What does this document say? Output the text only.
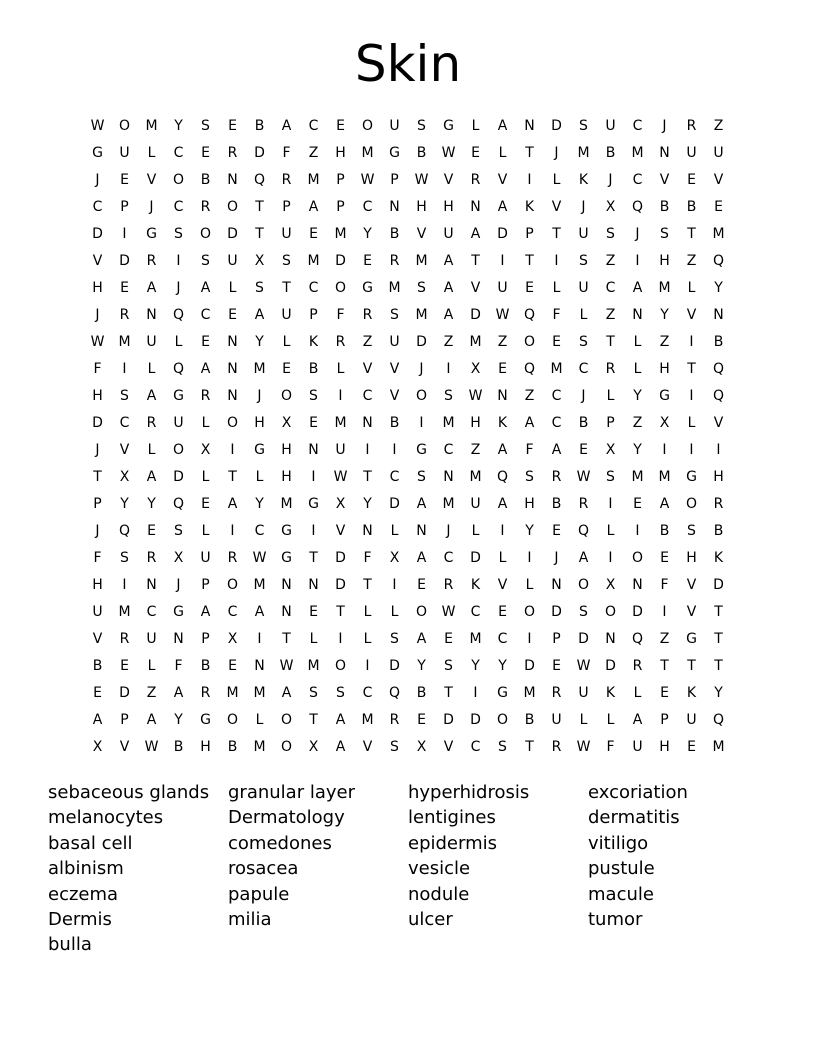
Skin
W	O	M	Y	S	E	B	A	C	E	O	U	S	G	L	A	N	D	S	U	C	J	R	Z
G	U	L	C	E	R	D	F	Z	H	M	G	B	W	E	L	T	J	M	B	M	N	U	U
J	E	V	O	B	N	Q	R	M	P	W	P	W	V	R	V	I	L	K	J	C	V	E	V
C	P	J	C	R	O	T	P	A	P	C	N	H	H	N	A	K	V	J	X	Q	B	B	E
D	I	G	S	O	D	T	U	E	M	Y	B	V	U	A	D	P	T	U	S	J	S	T	M
V	D	R	I	S	U	X	S	M	D	E	R	M	A	T	I	T	I	S	Z	I	H	Z	Q
H	E	A	J	A	L	S	T	C	O	G	M	S	A	V	U	E	L	U	C	A	M	L	Y
J	R	N	Q	C	E	A	U	P	F	R	S	M	A	D	W	Q	F	L	Z	N	Y	V	N
W	M	U	L	E	N	Y	L	K	R	Z	U	D	Z	M	Z	O	E	S	T	L	Z	I	B
F	I	L	Q	A	N	M	E	B	L	V	V	J	I	X	E	Q	M	C	R	L	H	T	Q
H	S	A	G	R	N	J	O	S	I	C	V	O	S	W	N	Z	C	J	L	Y	G	I	Q
D	C	R	U	L	O	H	X	E	M	N	B	I	M	H	K	A	C	B	P	Z	X	L	V
J	V	L	O	X	I	G	H	N	U	I	I	G	C	Z	A	F	A	E	X	Y	I	I	I
T	X	A	D	L	T	L	H	I	W	T	C	S	N	M	Q	S	R	W	S	M	M	G	H
P	Y	Y	Q	E	A	Y	M	G	X	Y	D	A	M	U	A	H	B	R	I	E	A	O	R
J	Q	E	S	L	I	C	G	I	V	N	L	N	J	L	I	Y	E	Q	L	I	B	S	B
F	S	R	X	U	R	W	G	T	D	F	X	A	C	D	L	I	J	A	I	O	E	H	K
H	I	N	J	P	O	M	N	N	D	T	I	E	R	K	V	L	N	O	X	N	F	V	D
U	M	C	G	A	C	A	N	E	T	L	L	O	W	C	E	O	D	S	O	D	I	V	T
V	R	U	N	P	X	I	T	L	I	L	S	A	E	M	C	I	P	D	N	Q	Z	G	T
B	E	L	F	B	E	N	W	M	O	I	D	Y	S	Y	Y	D	E	W	D	R	T	T	T
E	D	Z	A	R	M	M	A	S	S	C	Q	B	T	I	G	M	R	U	K	L	E	K	Y
A	P	A	Y	G	O	L	O	T	A	M	R	E	D	D	O	B	U	L	L	A	P	U	Q
X	V	W	B	H	B	M	O	X	A	V	S	X	V	C	S	T	R	W	F	U	H	E	M
sebaceous glands	granular layer	hyperhidrosis	excoriation
melanocytes	Dermatology	lentigines	dermatitis
basal cell	comedones	epidermis	vitiligo
albinism	rosacea	vesicle	pustule
eczema	papule	nodule	macule
Dermis	milia	ulcer	tumor
bulla
